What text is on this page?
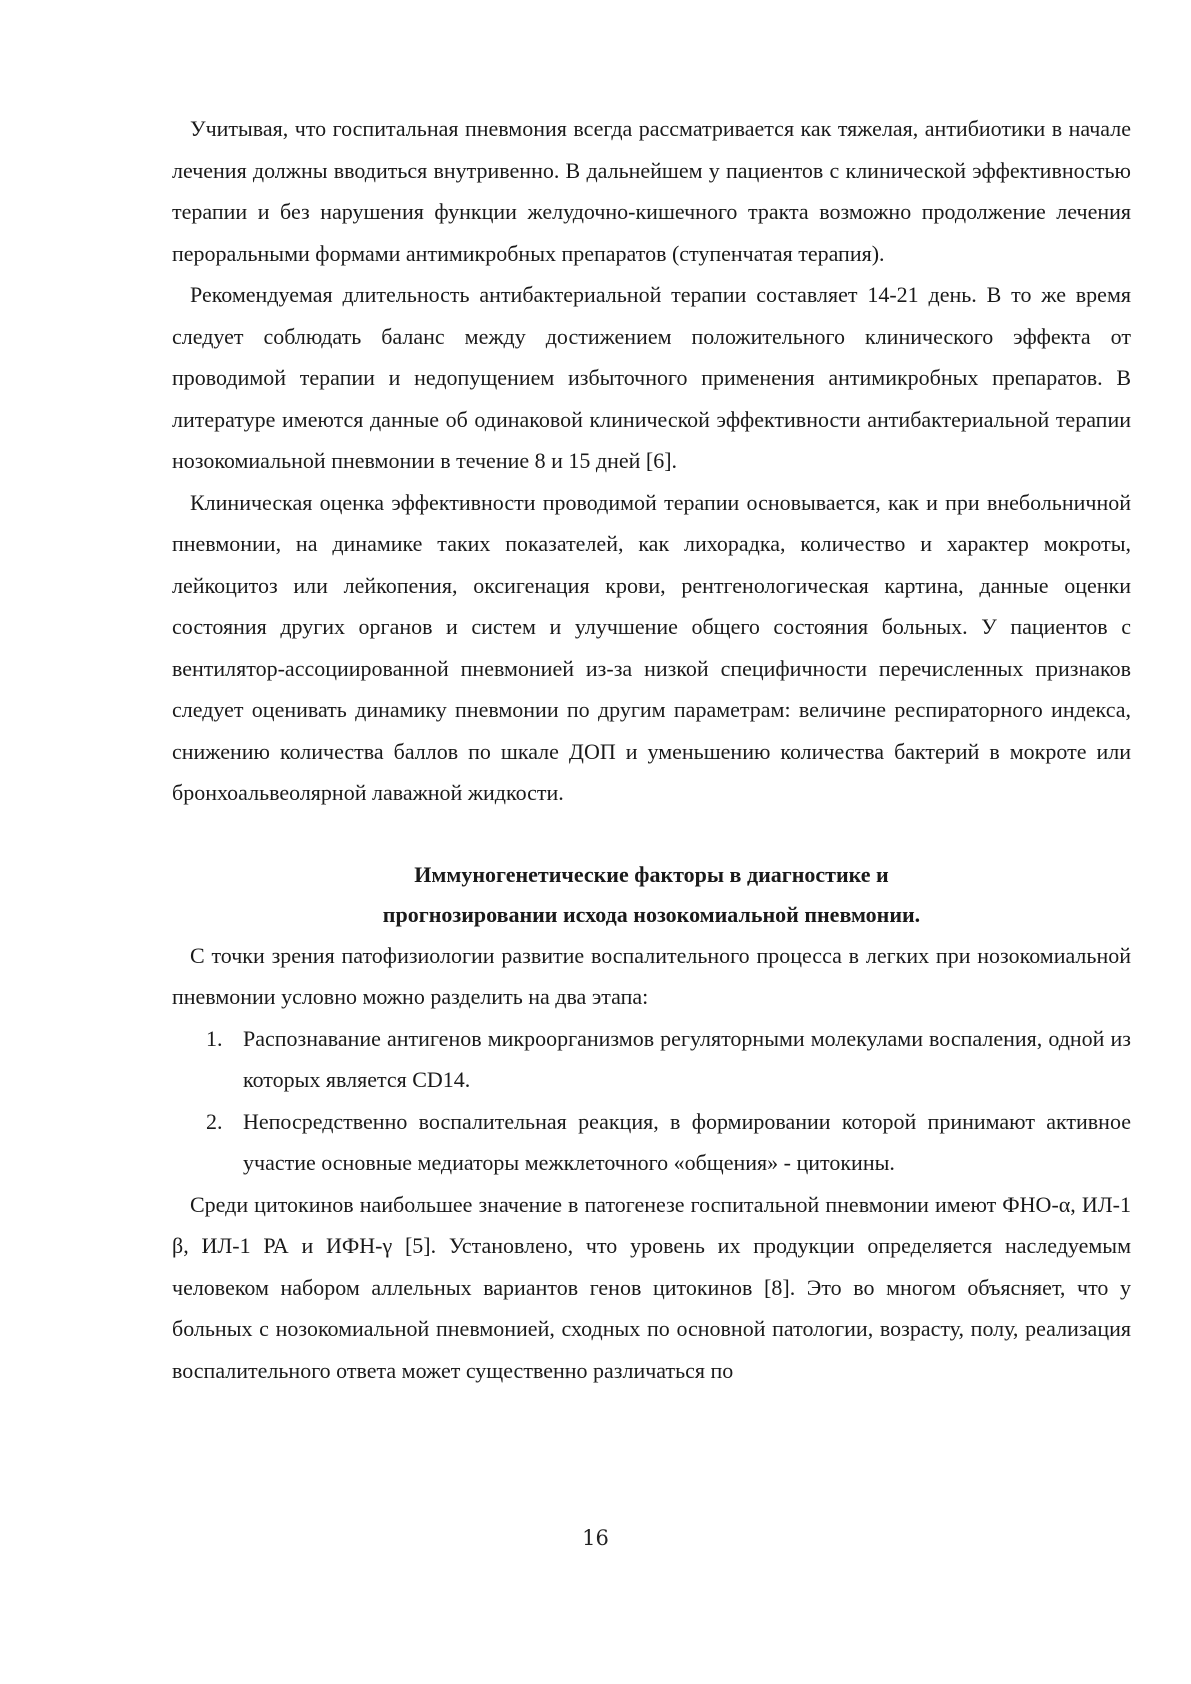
Учитывая, что госпитальная пневмония всегда рассматривается как тяжелая, антибиотики в начале лечения должны вводиться внутривенно. В дальнейшем у пациентов с клинической эффективностью терапии и без нарушения функции желудочно-кишечного тракта возможно продолжение лечения пероральными формами антимикробных препаратов (ступенчатая терапия).

Рекомендуемая длительность антибактериальной терапии составляет 14-21 день. В то же время следует соблюдать баланс между достижением положительного клинического эффекта от проводимой терапии и недопущением избыточного применения антимикробных препаратов. В литературе имеются данные об одинаковой клинической эффективности антибактериальной терапии нозокомиальной пневмонии в течение 8 и 15 дней [6].

Клиническая оценка эффективности проводимой терапии основывается, как и при внебольничной пневмонии, на динамике таких показателей, как лихорадка, количество и характер мокроты, лейкоцитоз или лейкопения, оксигенация крови, рентгенологическая картина, данные оценки состояния других органов и систем и улучшение общего состояния больных. У пациентов с вентилятор-ассоциированной пневмонией из-за низкой специфичности перечисленных признаков следует оценивать динамику пневмонии по другим параметрам: величине респираторного индекса, снижению количества баллов по шкале ДОП и уменьшению количества бактерий в мокроте или бронхоальвеолярной лаважной жидкости.

Иммуногенетические факторы в диагностике и

прогнозировании исхода нозокомиальной пневмонии.

С точки зрения патофизиологии развитие воспалительного процесса в легких при нозокомиальной пневмонии условно можно разделить на два этапа:

1. Распознавание антигенов микроорганизмов регуляторными молекулами воспаления, одной из которых является CD14.
2. Непосредственно воспалительная реакция, в формировании которой принимают активное участие основные медиаторы межклеточного «общения» - цитокины.

Среди цитокинов наибольшее значение в патогенезе госпитальной пневмонии имеют ФНО-α, ИЛ-1 β, ИЛ-1 РА и ИФН-γ [5]. Установлено, что уровень их продукции определяется наследуемым человеком набором аллельных вариантов генов цитокинов [8]. Это во многом объясняет, что у больных с нозокомиальной пневмонией, сходных по основной патологии, возрасту, полу, реализация воспалительного ответа может существенно различаться по

16
